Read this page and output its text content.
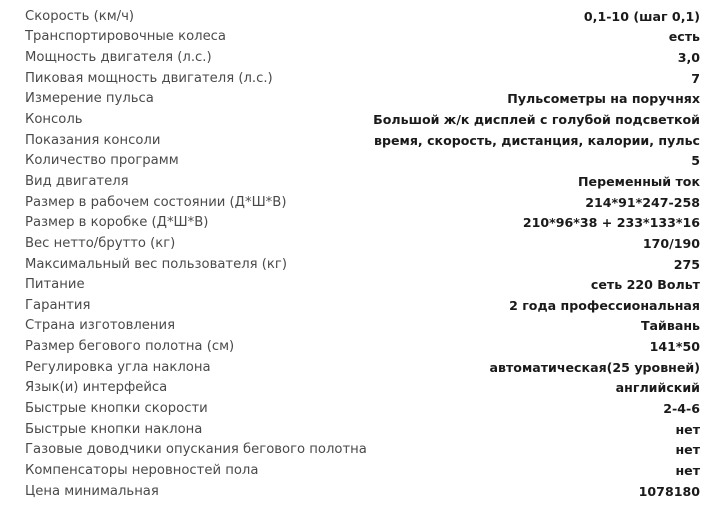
Скорость (км/ч)	0,1-10 (шаг 0,1)
Транспортировочные колеса	есть
Мощность двигателя (л.с.)	3,0
Пиковая мощность двигателя (л.с.)	7
Измерение пульса	Пульсометры на поручнях
Консоль	Большой ж/к дисплей с голубой подсветкой
Показания консоли	время, скорость, дистанция, калории, пульс
Количество программ	5
Вид двигателя	Переменный ток
Размер в рабочем состоянии (Д*Ш*В)	214*91*247-258
Размер в коробке (Д*Ш*В)	210*96*38 + 233*133*16
Вес нетто/брутто (кг)	170/190
Максимальный вес пользователя (кг)	275
Питание	сеть 220 Вольт
Гарантия	2 года профессиональная
Страна изготовления	Тайвань
Размер бегового полотна (см)	141*50
Регулировка угла наклона	автоматическая(25 уровней)
Язык(и) интерфейса	английский
Быстрые кнопки скорости	2-4-6
Быстрые кнопки наклона	нет
Газовые доводчики опускания бегового полотна	нет
Компенсаторы неровностей пола	нет
Цена минимальная	1078180
